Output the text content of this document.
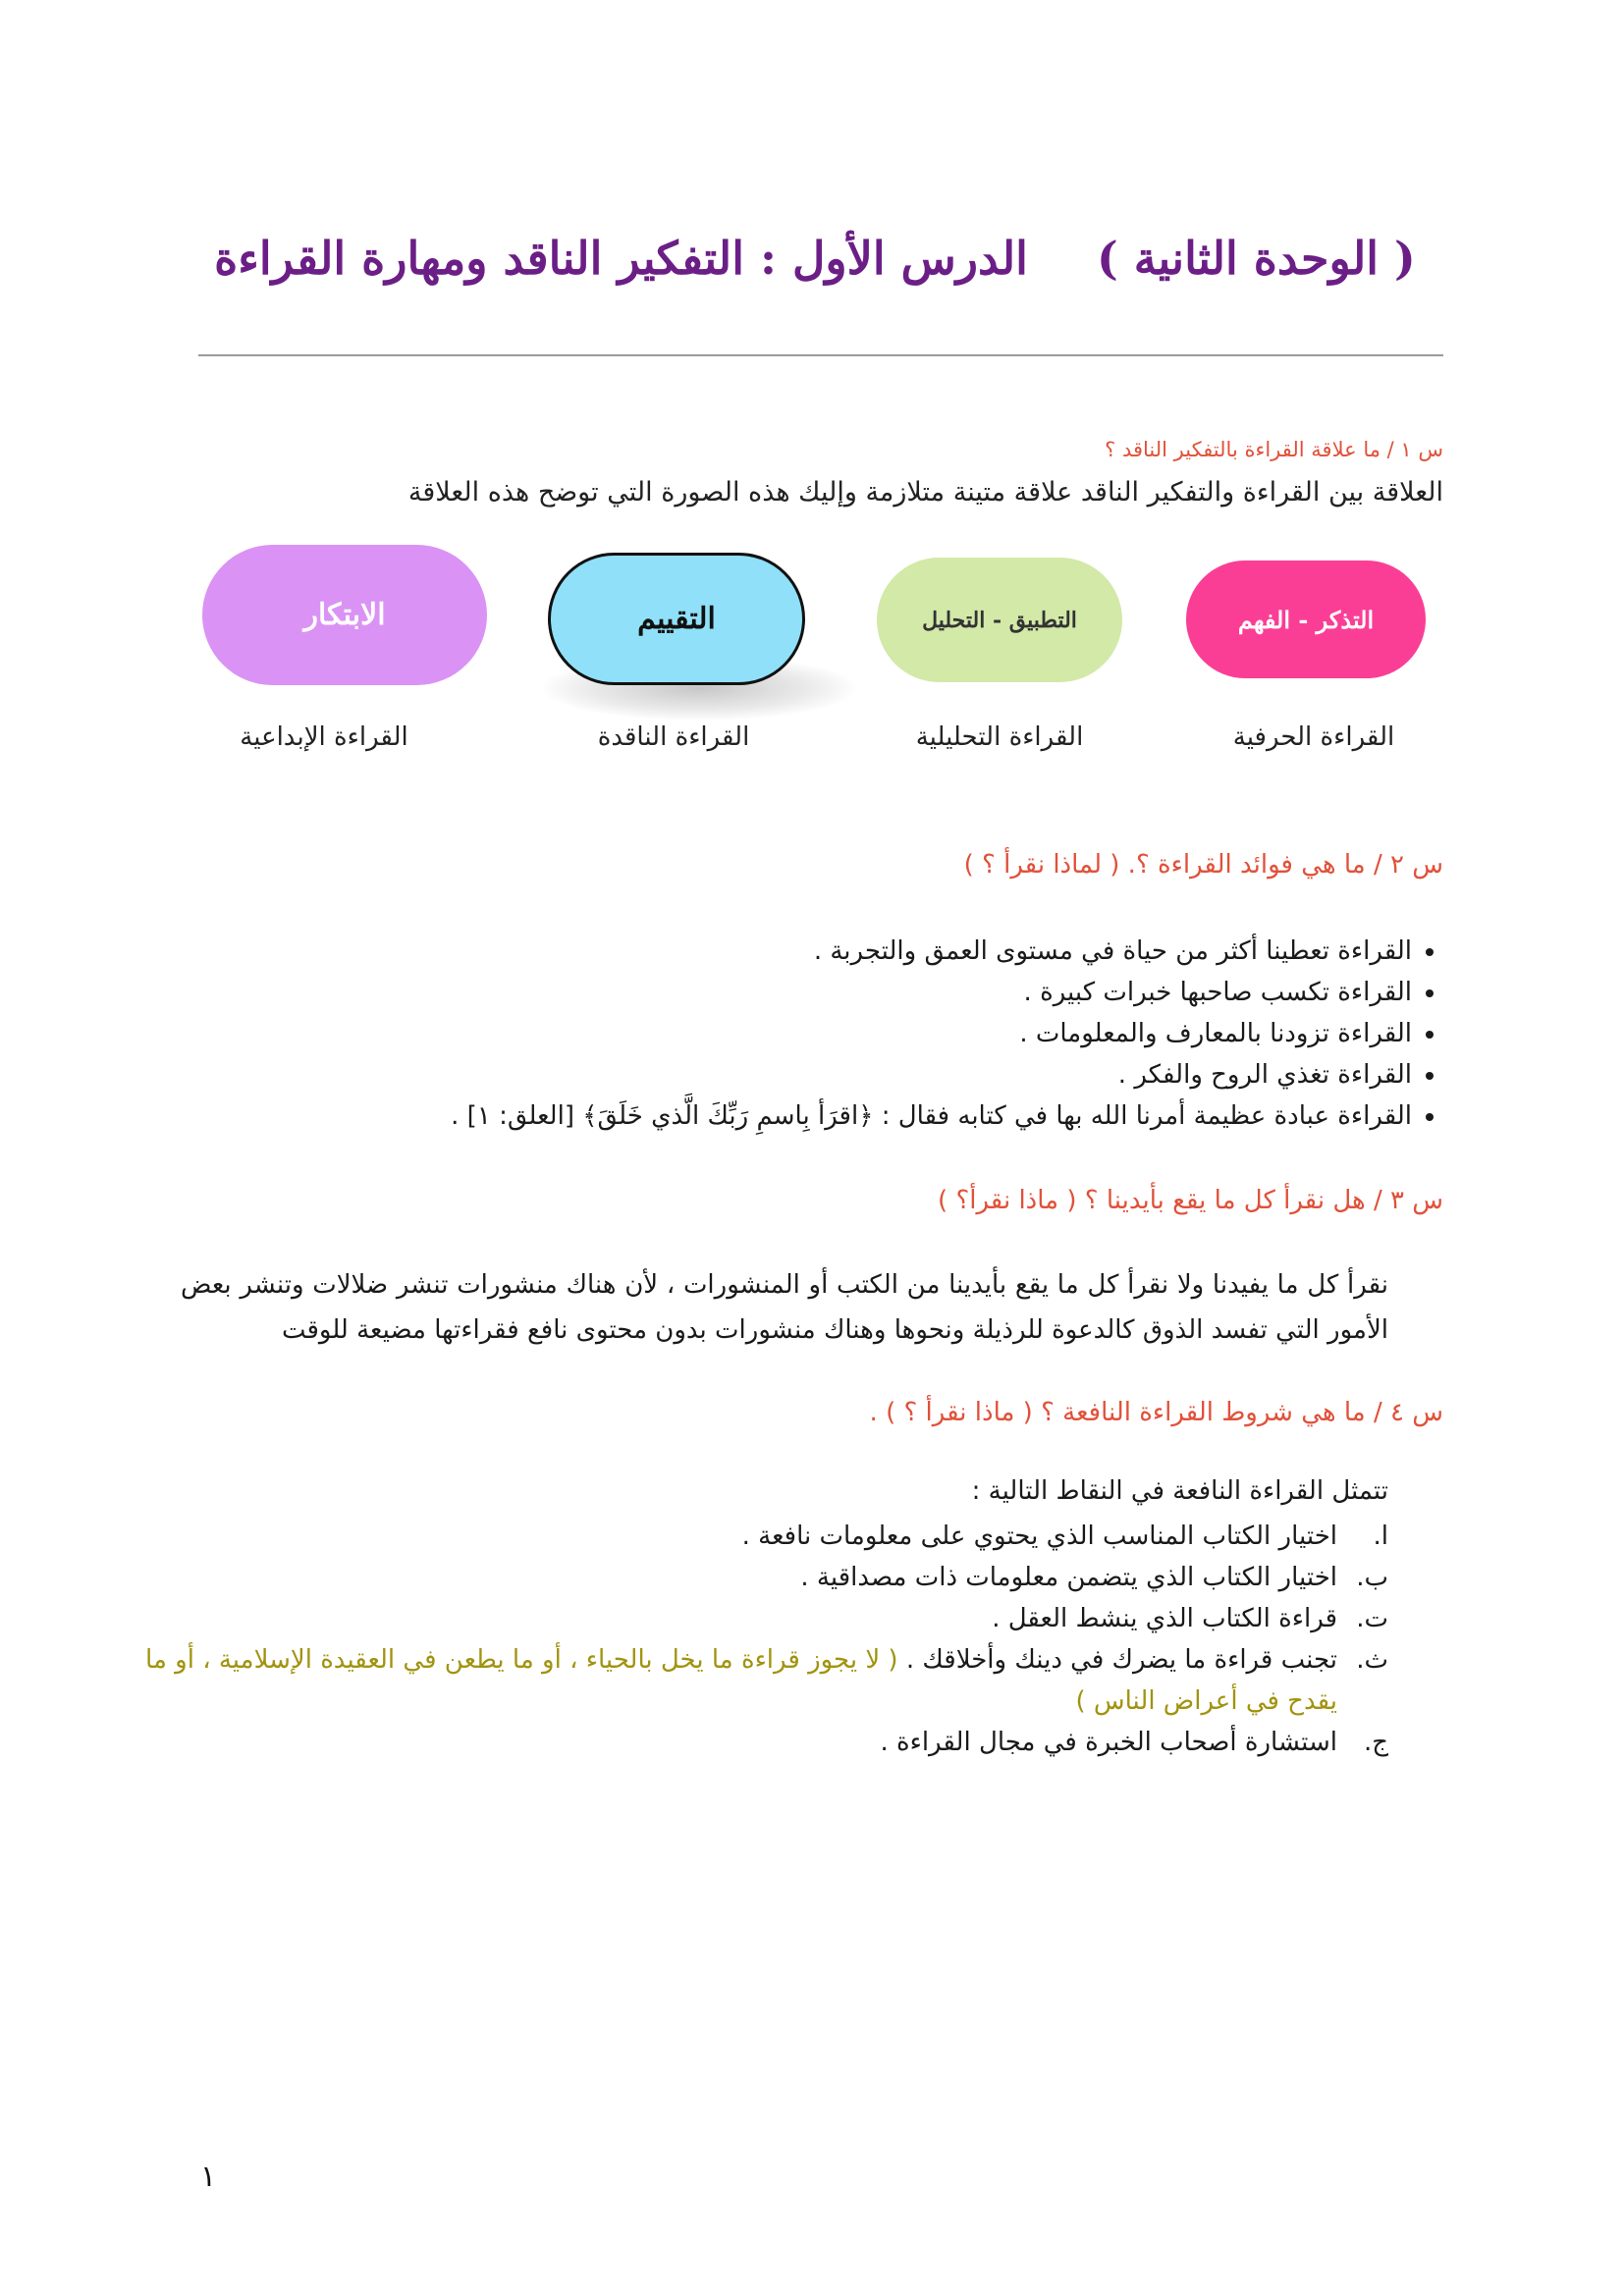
( الوحدة الثانية )الدرس الأول : التفكير الناقد ومهارة القراءة
س ١ / ما علاقة القراءة بالتفكير الناقد ؟
العلاقة بين القراءة والتفكير الناقد علاقة متينة متلازمة وإليك هذه الصورة التي توضح هذه العلاقة
التذكر - الفهم
التطبيق - التحليل
التقييم
الابتكار
القراءة الحرفية
القراءة التحليلية
القراءة الناقدة
القراءة الإبداعية
س ٢ / ما هي فوائد القراءة ؟. ( لماذا نقرأ ؟ )
• القراءة تعطينا أكثر من حياة في مستوى العمق والتجربة .
• القراءة تكسب صاحبها خبرات كبيرة .
• القراءة تزودنا بالمعارف والمعلومات .
• القراءة تغذي الروح والفكر .
• القراءة عبادة عظيمة أمرنا الله بها في كتابه فقال : ﴿اقرَأ بِاسمِ رَبِّكَ الَّذي خَلَقَ﴾ [العلق: ١] .
س ٣ / هل نقرأ كل ما يقع بأيدينا ؟ ( ماذا نقرأ؟ )
نقرأ كل ما يفيدنا ولا نقرأ كل ما يقع بأيدينا من الكتب أو المنشورات ، لأن هناك منشورات تنشر ضلالات وتنشر بعض الأمور التي تفسد الذوق كالدعوة للرذيلة ونحوها وهناك منشورات بدون محتوى نافع فقراءتها مضيعة للوقت
س ٤ / ما هي شروط القراءة النافعة ؟ ( ماذا نقرأ ؟ ) .
تتمثل القراءة النافعة في النقاط التالية :
ا.
اختيار الكتاب المناسب الذي يحتوي على معلومات نافعة .
ب.
اختيار الكتاب الذي يتضمن معلومات ذات مصداقية .
ت.
قراءة الكتاب الذي ينشط العقل .
ث.
تجنب قراءة ما يضرك في دينك وأخلاقك . ( لا يجوز قراءة ما يخل بالحياء ، أو ما يطعن في العقيدة الإسلامية ، أو ما يقدح في أعراض الناس )
ج.
استشارة أصحاب الخبرة في مجال القراءة .
١
